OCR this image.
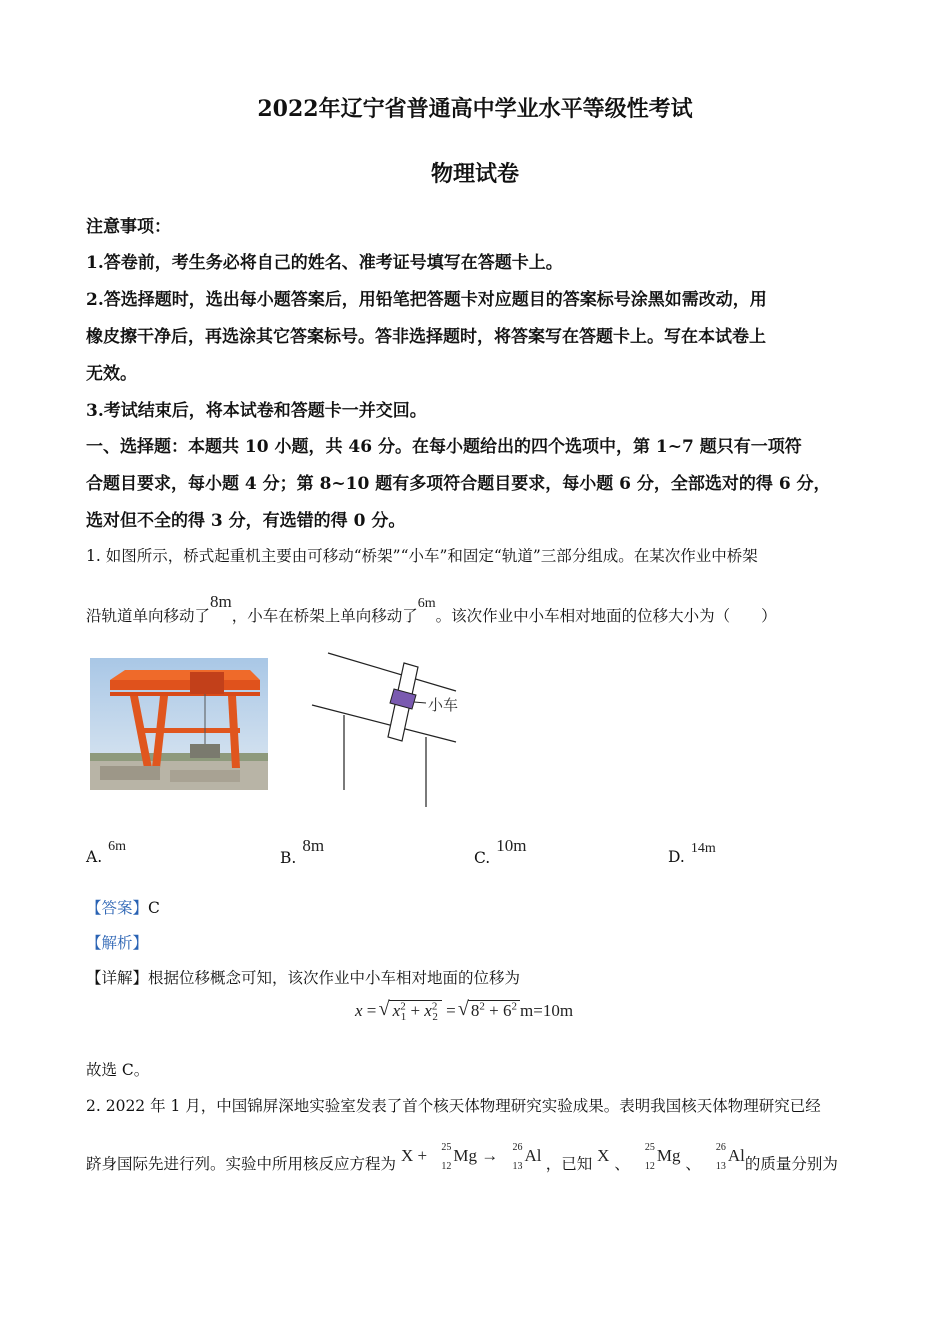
2022年辽宁省普通高中学业水平等级性考试
物理试卷
注意事项：
1.答卷前，考生务必将自己的姓名、准考证号填写在答题卡上。
2.答选择题时，选出每小题答案后，用铅笔把答题卡对应题目的答案标号涂黑如需改动，用
橡皮擦干净后，再选涂其它答案标号。答非选择题时，将答案写在答题卡上。写在本试卷上
无效。
3.考试结束后，将本试卷和答题卡一并交回。
一、选择题：本题共 10 小题，共 46 分。在每小题给出的四个选项中，第 1~7 题只有一项符
合题目要求，每小题 4 分；第 8~10 题有多项符合题目要求，每小题 6 分，全部选对的得 6 分，
选对但不全的得 3 分，有选错的得 0 分。
1. 如图所示，桥式起重机主要由可移动“桥架”“小车”和固定“轨道”三部分组成。在某次作业中桥架
沿轨道单向移动了8m，小车在桥架上单向移动了6m。该次作业中小车相对地面的位移大小为（　　）
小车
A.6m
B.8m
C.10m
D. 14m
【答案】C
【解析】
【详解】根据位移概念可知，该次作业中小车相对地面的位移为
x = √ $x^2_1 + x^2_2$ = √ $8^2 + 6^2$ m=10m
故选 C。
2. 2022 年 1 月，中国锦屏深地实验室发表了首个核天体物理研究实验成果。表明我国核天体物理研究已经
跻身国际先进行列。实验中所用核反应方程为 X + 25
12
Mg → 26
13
Al ，已知 X 、
25
12
Mg 、
26
13
Al的质量分别为
